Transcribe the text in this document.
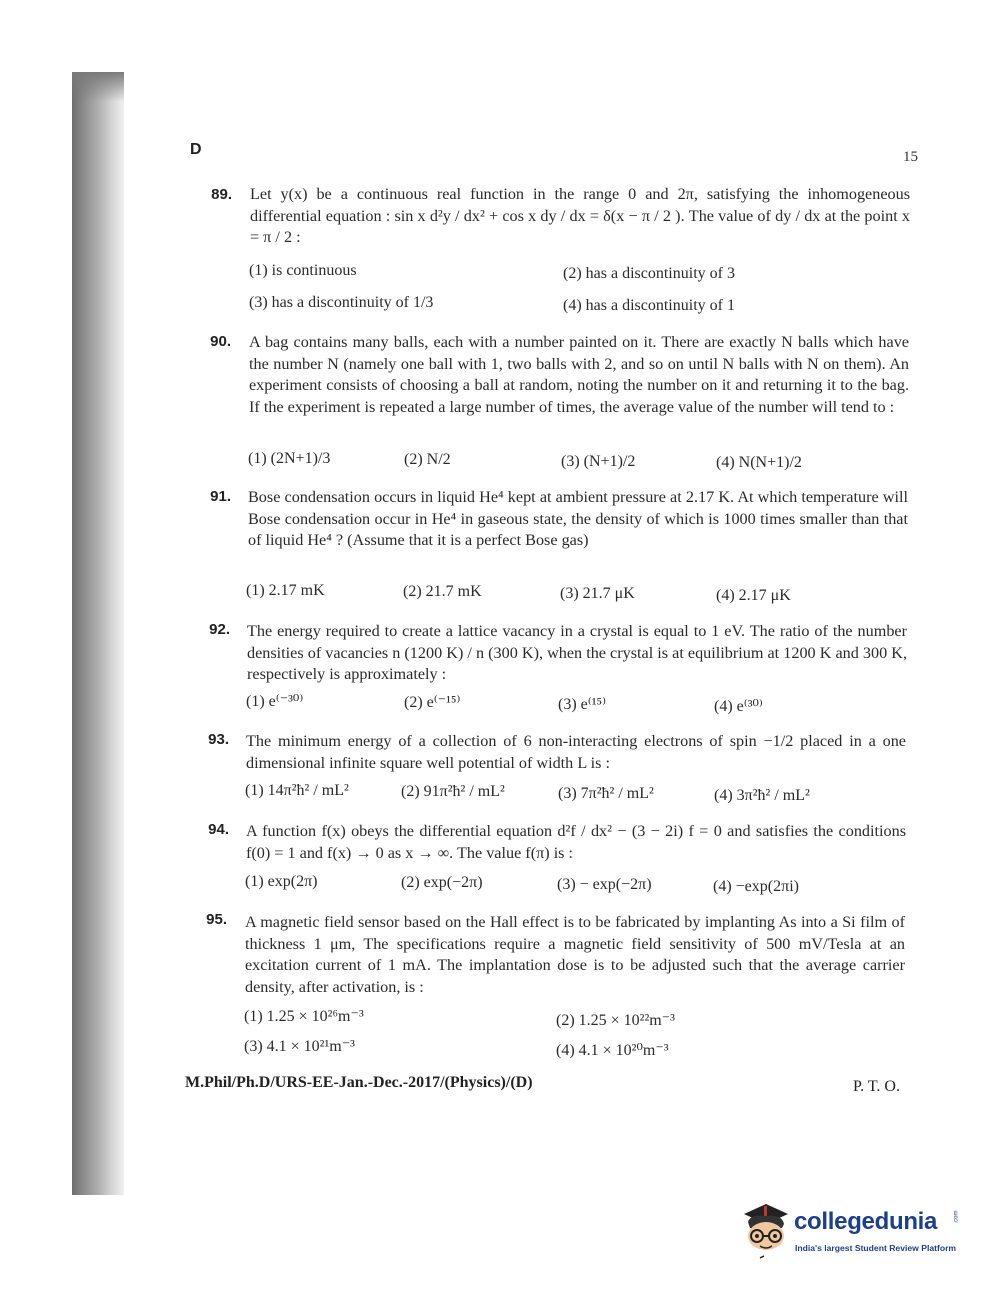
D	15
89. Let y(x) be a continuous real function in the range 0 and 2π, satisfying the inhomogeneous differential equation : sin x d²y / dx² + cos x dy / dx = δ(x − π / 2 ). The value of dy / dx at the point x = π / 2 :
(1) is continuous	(2) has a discontinuity of 3
(3) has a discontinuity of 1/3	(4) has a discontinuity of 1
90. A bag contains many balls, each with a number painted on it. There are exactly N balls which have the number N (namely one ball with 1, two balls with 2, and so on until N balls with N on them). An experiment consists of choosing a ball at random, noting the number on it and returning it to the bag. If the experiment is repeated a large number of times, the average value of the number will tend to :
(1) (2N+1)/3	(2) N/2	(3) (N+1)/2	(4) N(N+1)/2
91. Bose condensation occurs in liquid He⁴ kept at ambient pressure at 2.17 K. At which temperature will Bose condensation occur in He⁴ in gaseous state, the density of which is 1000 times smaller than that of liquid He⁴ ? (Assume that it is a perfect Bose gas)
(1) 2.17 mK	(2) 21.7 mK	(3) 21.7 μK	(4) 2.17 μK
92. The energy required to create a lattice vacancy in a crystal is equal to 1 eV. The ratio of the number densities of vacancies n (1200 K) / n (300 K), when the crystal is at equilibrium at 1200 K and 300 K, respectively is approximately :
(1) e⁽⁻³⁰⁾	(2) e⁽⁻¹⁵⁾	(3) e⁽¹⁵⁾	(4) e⁽³⁰⁾
93. The minimum energy of a collection of 6 non-interacting electrons of spin −1/2 placed in a one dimensional infinite square well potential of width L is :
(1) 14π²ħ² / mL²	(2) 91π²ħ² / mL²	(3) 7π²ħ² / mL²	(4) 3π²ħ² / mL²
94. A function f(x) obeys the differential equation d²f / dx² − (3 − 2i) f = 0 and satisfies the conditions f(0) = 1 and f(x) → 0 as x → ∞. The value f(π) is :
(1) exp(2π)	(2) exp(−2π)	(3) − exp(−2π)	(4) −exp(2πi)
95. A magnetic field sensor based on the Hall effect is to be fabricated by implanting As into a Si film of thickness 1 μm, The specifications require a magnetic field sensitivity of 500 mV/Tesla at an excitation current of 1 mA. The implantation dose is to be adjusted such that the average carrier density, after activation, is :
(1) 1.25 × 10²⁶m⁻³	(2) 1.25 × 10²²m⁻³
(3) 4.1 × 10²¹m⁻³	(4) 4.1 × 10²⁰m⁻³
M.Phil/Ph.D/URS-EE-Jan.-Dec.-2017/(Physics)/(D)	P. T. O.
collegedunia	.com
India's largest Student Review Platform
